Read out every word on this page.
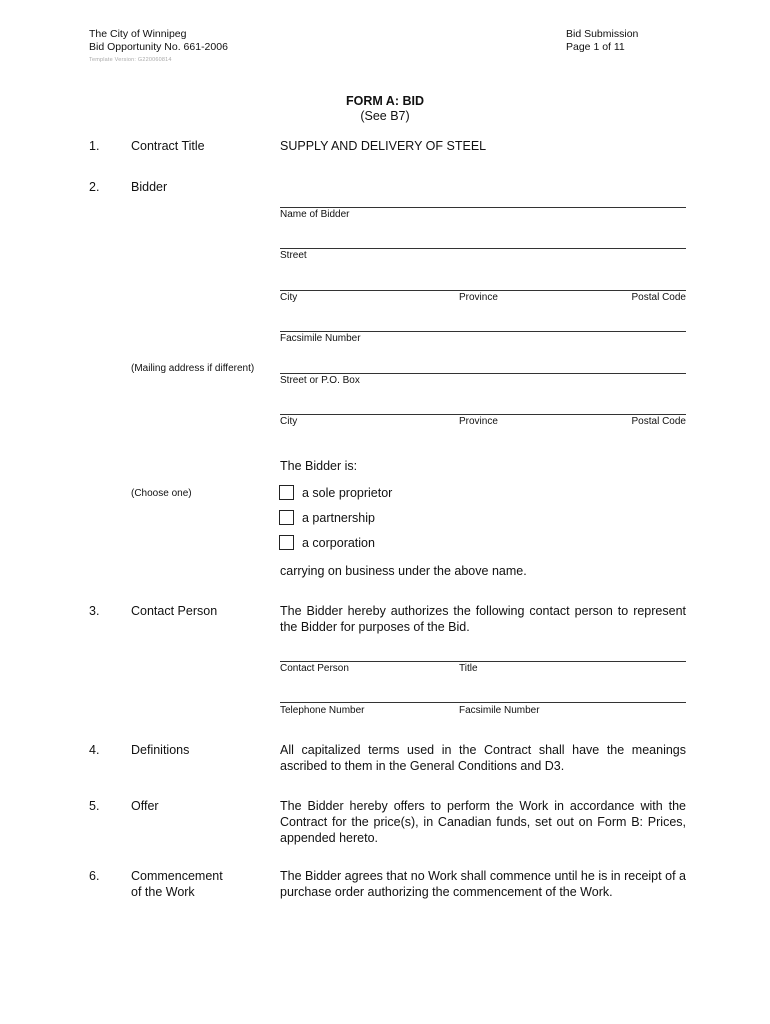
The City of Winnipeg
Bid Opportunity No. 661-2006
Template Version: G220060814
Bid Submission
Page 1 of 11
FORM A: BID
(See B7)
1.	Contract Title	SUPPLY AND DELIVERY OF STEEL
2.	Bidder
Name of Bidder
Street
City	Province	Postal Code
Facsimile Number
(Mailing address if different)
Street or P.O. Box
City	Province	Postal Code
The Bidder is:
(Choose one)	a sole proprietor
a partnership
a corporation
carrying on business under the above name.
3.	Contact Person	The Bidder hereby authorizes the following contact person to represent the Bidder for purposes of the Bid.
Contact Person	Title
Telephone Number	Facsimile Number
4.	Definitions	All capitalized terms used in the Contract shall have the meanings ascribed to them in the General Conditions and D3.
5.	Offer	The Bidder hereby offers to perform the Work in accordance with the Contract for the price(s), in Canadian funds, set out on Form B: Prices, appended hereto.
6.	Commencement
of the Work
The Bidder agrees that no Work shall commence until he is in receipt of a purchase order authorizing the commencement of the Work.
